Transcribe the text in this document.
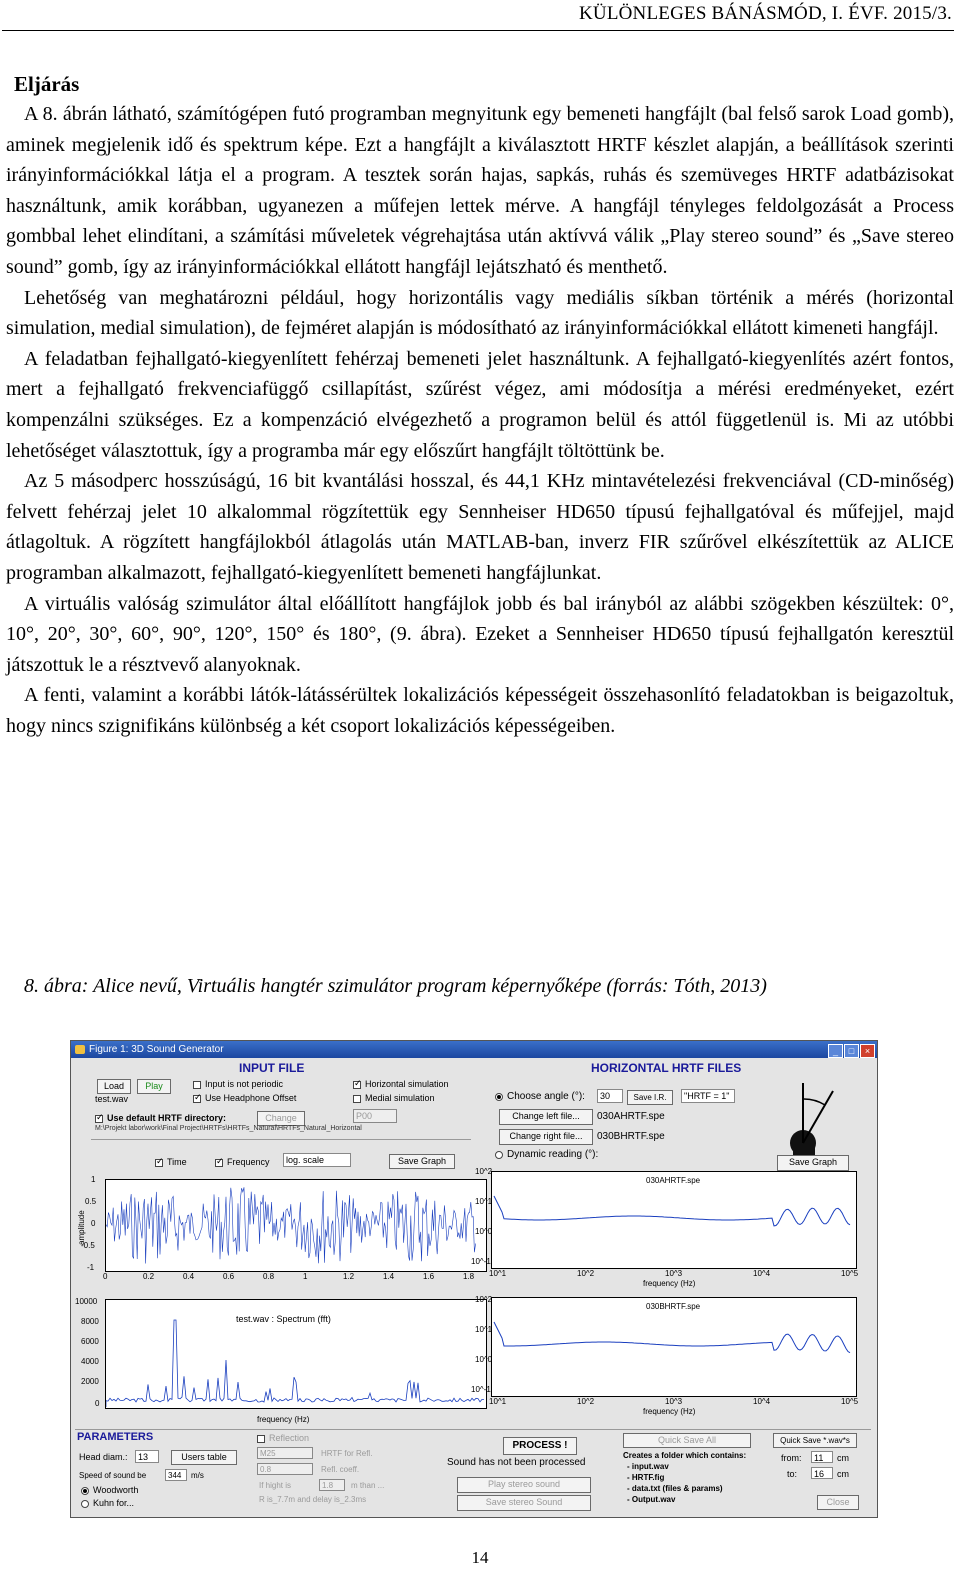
KÜLÖNLEGES BÁNÁSMÓD, I. ÉVF. 2015/3.
Eljárás

A 8. ábrán látható, számítógépen futó programban megnyitunk egy bemeneti hangfájlt (bal felső sarok Load gomb), aminek megjelenik idő és spektrum képe. Ezt a hangfájlt a kiválasztott HRTF készlet alapján, a beállítások szerinti irányinformációkkal látja el a program. A tesztek során hajas, sapkás, ruhás és szemüveges HRTF adatbázisokat használtunk, amik korábban, ugyanezen a műfejen lettek mérve. A hangfájl tényleges feldolgozását a Process gombbal lehet elindítani, a számítási műveletek végrehajtása után aktívvá válik „Play stereo sound” és „Save stereo sound” gomb, így az irányinformációkkal ellátott hangfájl lejátszható és menthető.

Lehetőség van meghatározni például, hogy horizontális vagy mediális síkban történik a mérés (horizontal simulation, medial simulation), de fejméret alapján is módosítható az irányinformációkkal ellátott kimeneti hangfájl.

A feladatban fejhallgató-kiegyenlített fehérzaj bemeneti jelet használtunk. A fejhallgató-kiegyenlítés azért fontos, mert a fejhallgató frekvenciafüggő csillapítást, szűrést végez, ami módosítja a mérési eredményeket, ezért kompenzálni szükséges. Ez a kompenzáció elvégezhető a programon belül és attól függetlenül is. Mi az utóbbi lehetőséget választottuk, így a programba már egy előszűrt hangfájlt töltöttünk be.

Az 5 másodperc hosszúságú, 16 bit kvantálási hosszal, és 44,1 KHz mintavételezési frekvenciával (CD-minőség) felvett fehérzaj jelet 10 alkalommal rögzítettük egy Sennheiser HD650 típusú fejhallgatóval és műfejjel, majd átlagoltuk. A rögzített hangfájlokból átlagolás után MATLAB-ban, inverz FIR szűrővel elkészítettük az ALICE programban alkalmazott, fejhallgató-kiegyenlített bemeneti hangfájlunkat.

A virtuális valóság szimulátor által előállított hangfájlok jobb és bal irányból az alábbi szögekben készültek: 0°, 10°, 20°, 30°, 60°, 90°, 120°, 150° és 180°, (9. ábra). Ezeket a Sennheiser HD650 típusú fejhallgatón keresztül játszottuk le a résztvevő alanyoknak.

A fenti, valamint a korábbi látók-látássérültek lokalizációs képességeit összehasonlító feladatokban is beigazoltuk, hogy nincs szignifikáns különbség a két csoport lokalizációs képességeiben.

8. ábra: Alice nevű, Virtuális hangtér szimulátor program képernyőképe (forrás: Tóth, 2013)
Figure 1: 3D Sound Generator	_ □ ×
INPUT FILE
Load	Play
test.wav
Input is not periodic
✓
Use Headphone Offset
✓
Horizontal simulation
Medial simulation
✓
Use default HRTF directory:	Change	P00
M:\Projekt labor\work\Final Project\HRTFs\HRTFs_Natural\HRTFs_Natural_Horizontal
✓
Time
✓	Frequency	log. scale	Save Graph
amplitude
1
0.5
0
-0.5
-1
0	0.2	0.4	0.6	0.8	1	1.2	1.4	1.6	1.8
test.wav : Spectrum (fft)
10000
8000
6000
4000
2000
0
frequency (Hz)
HORIZONTAL HRTF FILES
Choose angle (°):	30	Save I.R.	"HRTF = 1"
Change left file...	030AHRTF.spe
Change right file...	030BHRTF.spe
Dynamic reading (°):
Save Graph
030AHRTF.spe
10^2
10^1
10^0
10^-1
10^1	10^2	10^3	10^4	10^5
frequency (Hz)
030BHRTF.spe
10^2
10^1
10^0
10^-1
10^1	10^2	10^3	10^4	10^5
frequency (Hz)
PARAMETERS
Head diam.:	13	Users table
Speed of sound be	344	m/s
Woodworth
Kuhn for...
Reflection
M25	HRTF for Refl.
0.8	Refl. coeff.
If hight is	1.8	m than ...
R is_7.7m and delay is_2.3ms
PROCESS !
Sound has not been processed
Play stereo sound
Save stereo Sound
Quick Save All	Quick Save *.wav*s
Creates a folder which contains:
- input.wav
- HRTF.fig
- data.txt (files & params)
- Output.wav
from:	11	cm
to:	16	cm
Close
14
